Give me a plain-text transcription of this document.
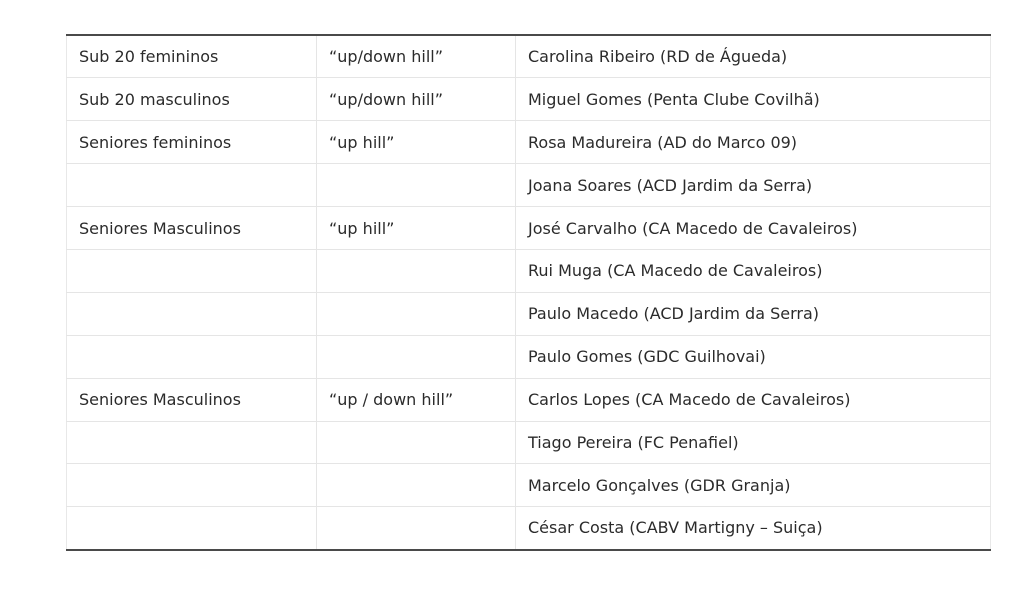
Sub 20 femininos	“up/down hill”	Carolina Ribeiro (RD de Águeda)
Sub 20 masculinos	“up/down hill”	Miguel Gomes (Penta Clube Covilhã)
Seniores femininos	“up hill”	Rosa Madureira (AD do Marco 09)
		Joana Soares (ACD Jardim da Serra)
Seniores Masculinos	“up hill”	José Carvalho (CA Macedo de Cavaleiros)
		Rui Muga (CA Macedo de Cavaleiros)
		Paulo Macedo (ACD Jardim da Serra)
		Paulo Gomes (GDC Guilhovai)
Seniores Masculinos	“up / down hill”	Carlos Lopes (CA Macedo de Cavaleiros)
		Tiago Pereira (FC Penafiel)
		Marcelo Gonçalves (GDR Granja)
		César Costa (CABV Martigny – Suiça)
